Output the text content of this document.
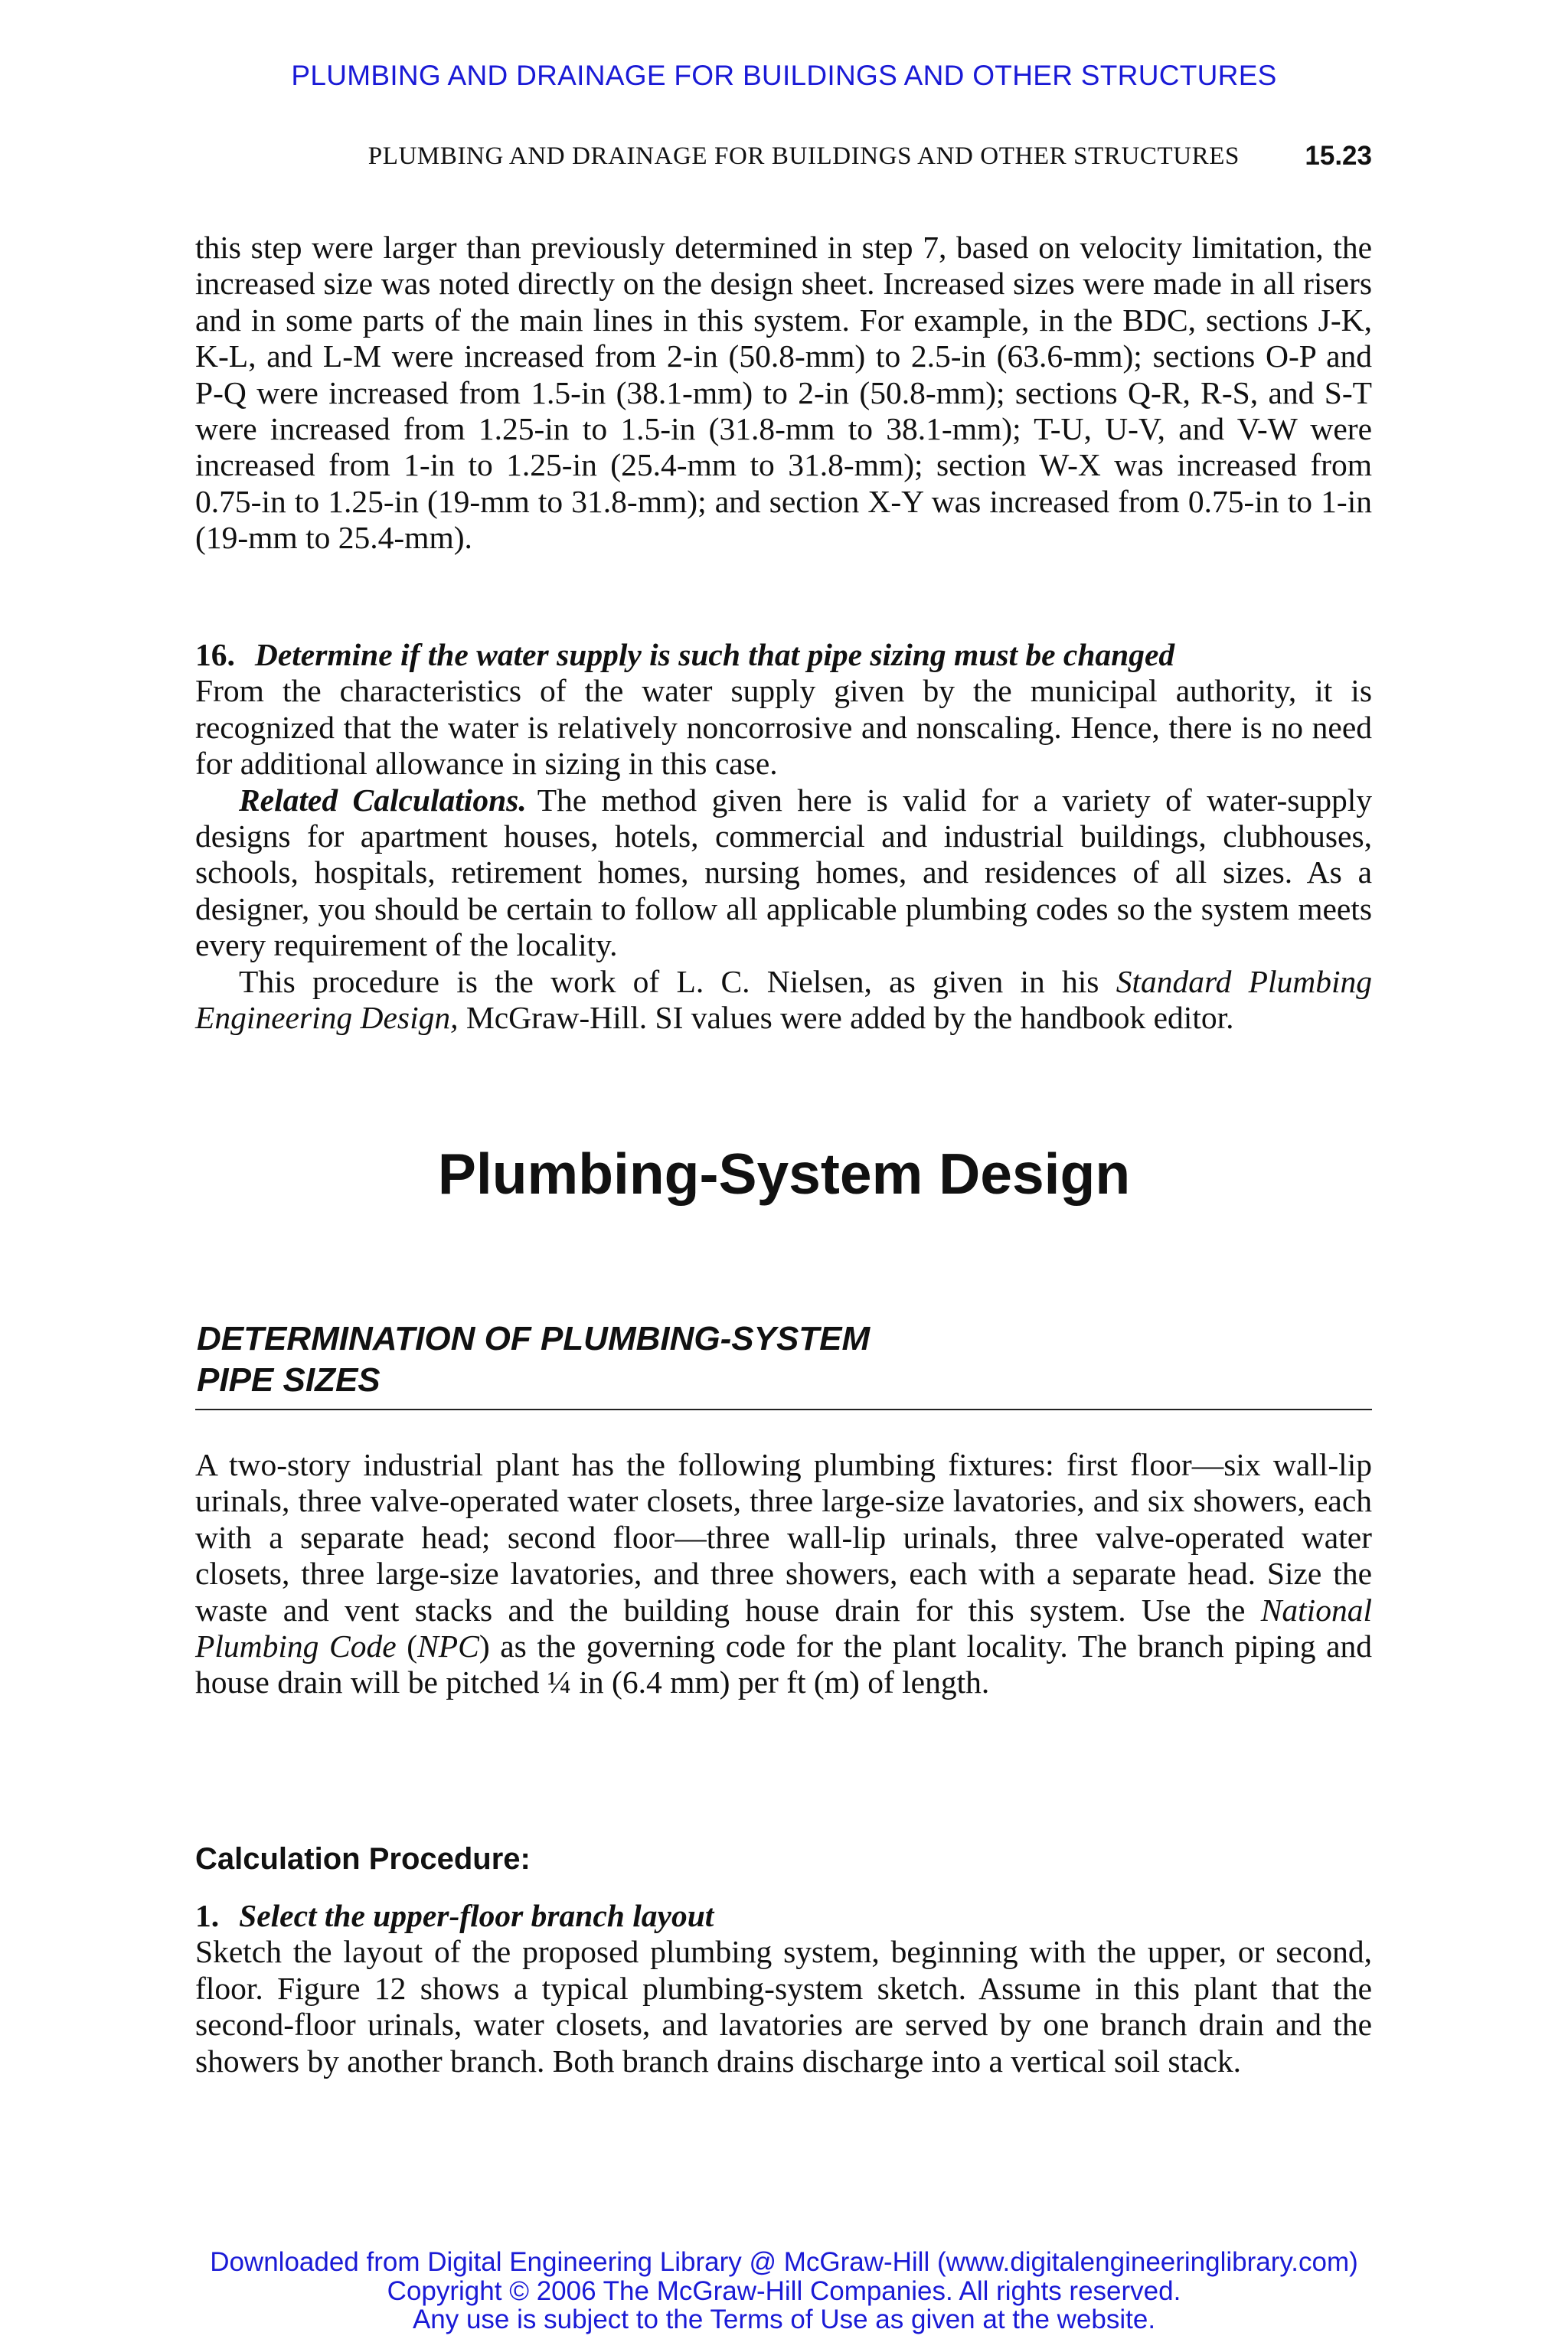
PLUMBING AND DRAINAGE FOR BUILDINGS AND OTHER STRUCTURES
PLUMBING AND DRAINAGE FOR BUILDINGS AND OTHER STRUCTURES 15.23

this step were larger than previously determined in step 7, based on velocity limitation, the increased size was noted directly on the design sheet. Increased sizes were made in all risers and in some parts of the main lines in this system. For example, in the BDC, sections J-K, K-L, and L-M were increased from 2-in (50.8-mm) to 2.5-in (63.6-mm); sections O-P and P-Q were increased from 1.5-in (38.1-mm) to 2-in (50.8-mm); sections Q-R, R-S, and S-T were increased from 1.25-in to 1.5-in (31.8-mm to 38.1-mm); T-U, U-V, and V-W were increased from 1-in to 1.25-in (25.4-mm to 31.8-mm); section W-X was increased from 0.75-in to 1.25-in (19-mm to 31.8-mm); and section X-Y was increased from 0.75-in to 1-in (19-mm to 25.4-mm).

16. Determine if the water supply is such that pipe sizing must be changed

From the characteristics of the water supply given by the municipal authority, it is recognized that the water is relatively noncorrosive and nonscaling. Hence, there is no need for additional allowance in sizing in this case.

Related Calculations. The method given here is valid for a variety of water-supply designs for apartment houses, hotels, commercial and industrial buildings, clubhouses, schools, hospitals, retirement homes, nursing homes, and residences of all sizes. As a designer, you should be certain to follow all applicable plumbing codes so the system meets every requirement of the locality.

This procedure is the work of L. C. Nielsen, as given in his Standard Plumbing Engineering Design, McGraw-Hill. SI values were added by the handbook editor.

Plumbing-System Design
DETERMINATION OF PLUMBING-SYSTEM
PIPE SIZES

A two-story industrial plant has the following plumbing fixtures: first floor—six wall-lip urinals, three valve-operated water closets, three large-size lavatories, and six showers, each with a separate head; second floor—three wall-lip urinals, three valve-operated water closets, three large-size lavatories, and three showers, each with a separate head. Size the waste and vent stacks and the building house drain for this system. Use the National Plumbing Code (NPC) as the governing code for the plant locality. The branch piping and house drain will be pitched ¼ in (6.4 mm) per ft (m) of length.

Calculation Procedure:

1. Select the upper-floor branch layout

Sketch the layout of the proposed plumbing system, beginning with the upper, or second, floor. Figure 12 shows a typical plumbing-system sketch. Assume in this plant that the second-floor urinals, water closets, and lavatories are served by one branch drain and the showers by another branch. Both branch drains discharge into a vertical soil stack.

Downloaded from Digital Engineering Library @ McGraw-Hill (www.digitalengineeringlibrary.com)
Copyright © 2006 The McGraw-Hill Companies. All rights reserved.
Any use is subject to the Terms of Use as given at the website.
